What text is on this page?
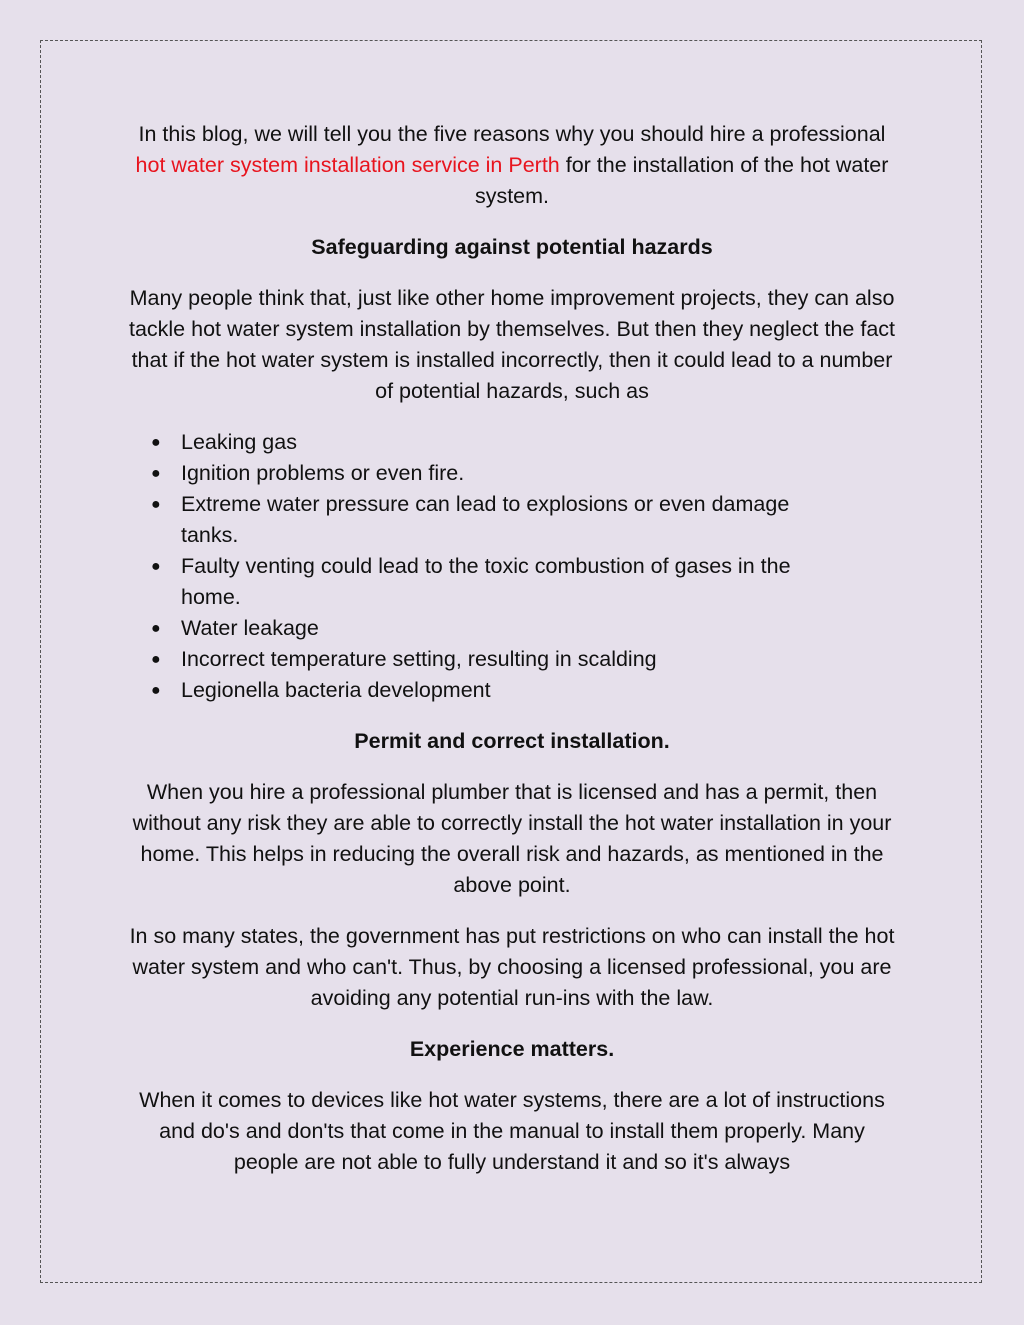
In this blog, we will tell you the five reasons why you should hire a professional hot water system installation service in Perth for the installation of the hot water system.

Safeguarding against potential hazards

Many people think that, just like other home improvement projects, they can also tackle hot water system installation by themselves. But then they neglect the fact that if the hot water system is installed incorrectly, then it could lead to a number of potential hazards, such as

● Leaking gas
● Ignition problems or even fire.
● Extreme water pressure can lead to explosions or even damage tanks.
● Faulty venting could lead to the toxic combustion of gases in the home.
● Water leakage
● Incorrect temperature setting, resulting in scalding
● Legionella bacteria development
Permit and correct installation.

When you hire a professional plumber that is licensed and has a permit, then without any risk they are able to correctly install the hot water installation in your home. This helps in reducing the overall risk and hazards, as mentioned in the above point.

In so many states, the government has put restrictions on who can install the hot water system and who can't. Thus, by choosing a licensed professional, you are avoiding any potential run-ins with the law.

Experience matters.

When it comes to devices like hot water systems, there are a lot of instructions and do's and don'ts that come in the manual to install them properly. Many people are not able to fully understand it and so it's always
